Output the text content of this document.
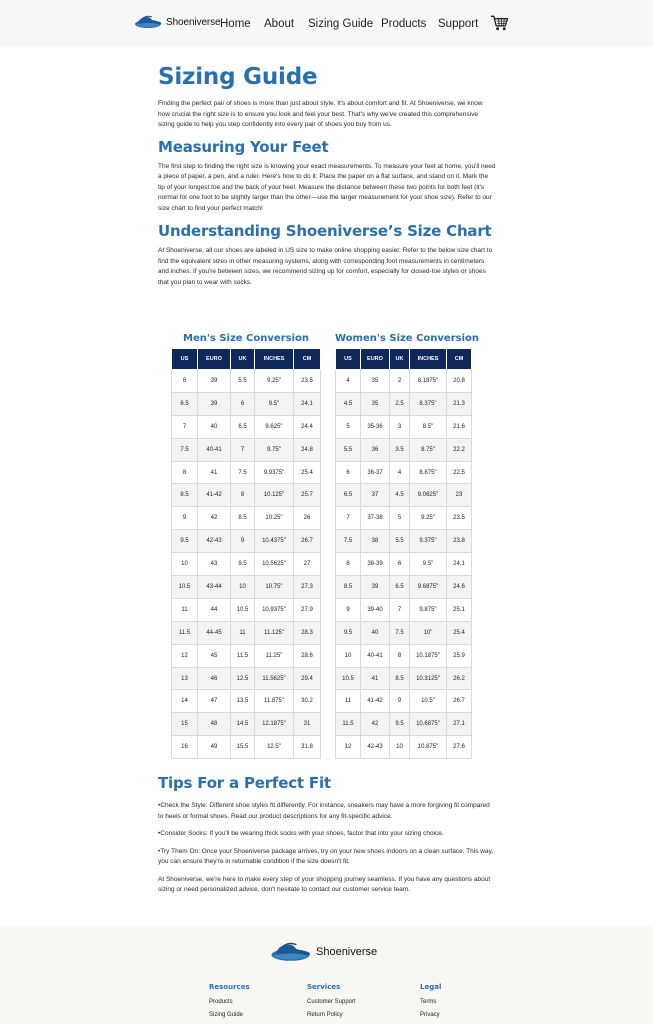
Shoeniverse Home About Sizing Guide Products Support
Sizing Guide

Finding the perfect pair of shoes is more than just about style. It's about comfort and fit. At Shoeniverse, we know how crucial the right size is to ensure you look and feel your best. That's why we've created this comprehensive sizing guide to help you step confidently into every pair of shoes you buy from us.

Measuring Your Feet

The first step to finding the right size is knowing your exact measurements. To measure your feet at home, you'll need a piece of paper, a pen, and a ruler. Here's how to do it: Place the paper on a flat surface, and stand on it. Mark the tip of your longest toe and the back of your heel. Measure the distance between these two points for both feet (it's normal for one foot to be slightly larger than the other—use the larger measurement for your shoe size). Refer to our size chart to find your perfect match!

Understanding Shoeniverse’s Size Chart

At Shoeniverse, all our shoes are labeled in US size to make online shopping easier. Refer to the below size chart to find the equivalent sizes in other measuring systems, along with corresponding foot measurements in centimeters and inches. If you're between sizes, we recommend sizing up for comfort, especially for closed-toe styles or shoes that you plan to wear with socks.

Men's Size Conversion
US	EURO	UK	INCHES	CM
6	39	5.5	9.25"	23.5
6.5	39	6	9.5"	24.1
7	40	6.5	9.625"	24.4
7.5	40-41	7	9.75"	24.8
8	41	7.5	9.9375"	25.4
8.5	41-42	8	10.125"	25.7
9	42	8.5	10.25"	26
9.5	42-43	9	10.4375"	26.7
10	43	9.5	10.5625"	27
10.5	43-44	10	10.75"	27.3
11	44	10.5	10.9375"	27.9
11.5	44-45	11	11.125"	28.3
12	45	11.5	11.25"	28.6
13	46	12.5	11.5625"	29.4
14	47	13.5	11.875"	30.2
15	48	14.5	12.1875"	31
16	49	15.5	12.5"	31.8
Women's Size Conversion
US	EURO	UK	INCHES	CM
4	35	2	8.1875"	20.8
4.5	35	2.5	8.375"	21.3
5	35-36	3	8.5"	21.6
5.5	36	3.5	8.75"	22.2
6	36-37	4	8.875"	22.5
6.5	37	4.5	9.0625"	23
7	37-38	5	9.25"	23.5
7.5	38	5.5	9.375"	23.8
8	38-39	6	9.5"	24.1
8.5	39	6.5	9.6875"	24.6
9	39-40	7	9.875"	25.1
9.5	40	7.5	10"	25.4
10	40-41	8	10.1875"	25.9
10.5	41	8.5	10.3125"	26.2
11	41-42	9	10.5"	26.7
11.5	42	9.5	10.6875"	27.1
12	42-43	10	10.875"	27.6
Tips For a Perfect Fit

•Check the Style: Different shoe styles fit differently. For instance, sneakers may have a more forgiving fit compared to heels or formal shoes. Read our product descriptions for any fit-specific advice.

•Consider Socks: If you'll be wearing thick socks with your shoes, factor that into your sizing choice.

•Try Them On: Once your Shoeniverse package arrives, try on your new shoes indoors on a clean surface. This way, you can ensure they're in returnable condition if the size doesn't fit.

At Shoeniverse, we're here to make every step of your shopping journey seamless. If you have any questions about sizing or need personalized advice, don't hesitate to contact our customer service team.

Shoeniverse
Resources
Products
Sizing Guide
Services
Customer Support
Return Policy
Legal
Terms
Privacy
